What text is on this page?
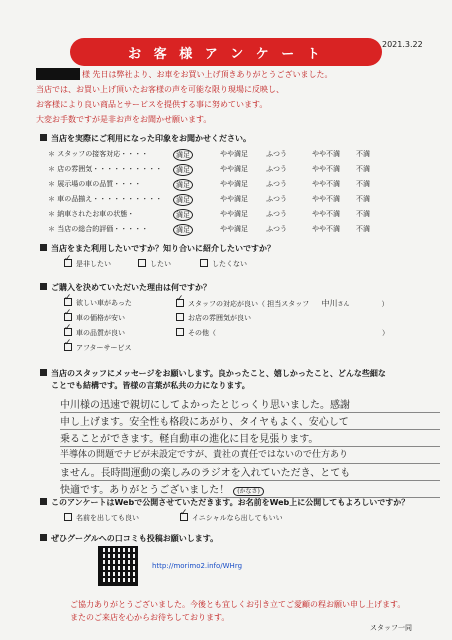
2021.3.22
お 客 様 ア ン ケ ー ト
様 先日は弊社より、お車をお買い上げ頂きありがとうございました。
当店では、お買い上げ頂いたお客様の声を可能な限り現場に反映し、
お客様により良い商品とサービスを提供する事に努めています。
大変お手数ですが是非お声をお聞かせ願います。
当店を実際にご利用になった印象をお聞かせください。
＊ スタッフの接客対応・・・・	満足	やや満足	ふつう	やや不満 不満
＊ 店の雰囲気・・・・・・・・・・	満足	やや満足	ふつう	やや不満 不満
＊ 展示場の車の品質・・・・	満足	やや満足	ふつう	やや不満 不満
＊ 車の品揃え・・・・・・・・・・	満足	やや満足	ふつう	やや不満 不満
＊ 納車されたお車の状態・	満足	やや満足	ふつう	やや不満 不満
＊ 当店の総合的評価・・・・・	満足	やや満足	ふつう	やや不満 不満
当店をまた利用したいですか？知り合いに紹介したいですか？
✓是非したい	したい	したくない
ご購入を決めていただいた理由は何ですか？
✓欲しい車があった
✓車の価格が安い
✓車の品質が良い
✓アフターサービス
✓スタッフの対応が良い（ 担当スタッフ 中川さん	）
お店の雰囲気が良い
その他（	）
当店のスタッフにメッセージをお願いします。良かったこと、嬉しかったこと、どんな些細な
ことでも結構です。皆様の言葉が私共の力になります。
中川様の迅速で親切にしてよかったとじっくり思いました。感謝
申し上げます。安全性も格段にあがり、タイヤもよく、安心して
乗ることができます。軽自動車の進化に目を見張ります。
半導体の問題でナビが未設定ですが、貴社の責任ではないので仕方あり
ません。長時間運動の楽しみのラジオを入れていただき、とても
快適です。ありがとうございました！ (かなさ)
このアンケートはWebで公開させていただきます。お名前をWeb上に公開してもよろしいですか？
名前を出しても良い
✓	イニシャルなら出してもいい
ぜひグーグルへの口コミも投稿お願いします。
http://morimo2.info/WHrg
ご協力ありがとうございました。今後とも宜しくお引き立てご愛顧の程お願い申し上げます。
またのご来店を心からお待ちしております。
スタッフ一同
